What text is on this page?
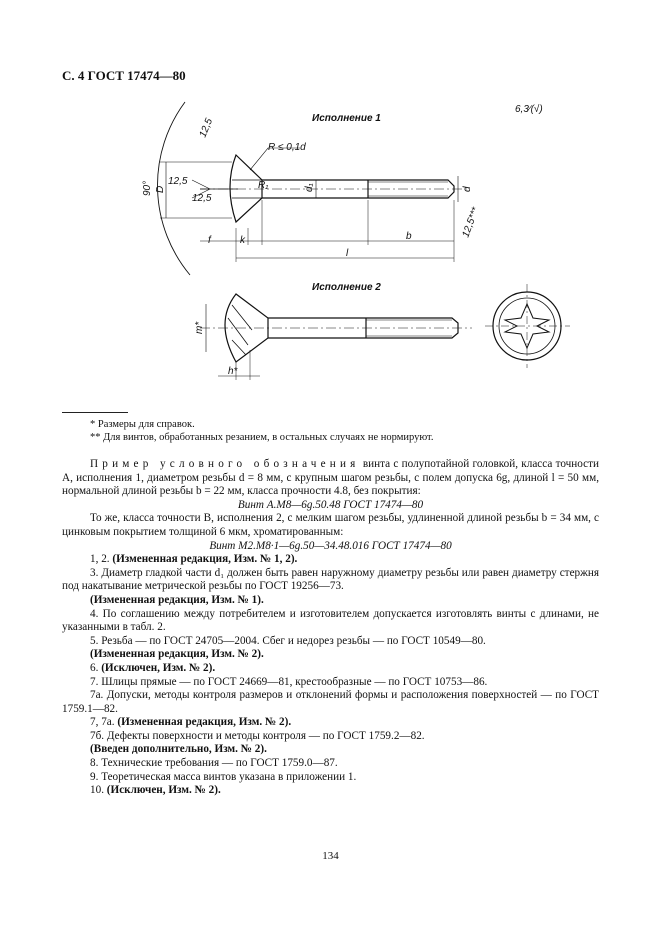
С. 4 ГОСТ 17474—80
Исполнение 1
Исполнение 2
6,3∕(√)
R ≤ 0,1d
90°
12,5
12,5
12,5
D	R₁	d₁	d
f	k
l
b
m*
h*
12,5***
* Размеры для справок.
** Для винтов, обработанных резанием, в остальных случаях не нормируют.

Пример условного обозначения винта с полупотайной головкой, класса точности А, исполнения 1, диаметром резьбы d = 8 мм, с крупным шагом резьбы, с полем допуска 6g, длиной l = 50 мм, нормальной длиной резьбы b = 22 мм, класса прочности 4.8, без покрытия:

Винт А.М8—6g.50.48 ГОСТ 17474—80

То же, класса точности В, исполнения 2, с мелким шагом резьбы, удлиненной длиной резьбы b = 34 мм, с цинковым покрытием толщиной 6 мкм, хроматированным:

Винт М2.М8·1—6g.50—34.48.016 ГОСТ 17474—80

1, 2. (Измененная редакция, Изм. № 1, 2).

3. Диаметр гладкой части d₁ должен быть равен наружному диаметру резьбы или равен диаметру стержня под накатывание метрической резьбы по ГОСТ 19256—73.

(Измененная редакция, Изм. № 1).

4. По соглашению между потребителем и изготовителем допускается изготовлять винты с длинами, не указанными в табл. 2.

5. Резьба — по ГОСТ 24705—2004. Сбег и недорез резьбы — по ГОСТ 10549—80.

(Измененная редакция, Изм. № 2).

6. (Исключен, Изм. № 2).

7. Шлицы прямые — по ГОСТ 24669—81, крестообразные — по ГОСТ 10753—86.

7а. Допуски, методы контроля размеров и отклонений формы и расположения поверхностей — по ГОСТ 1759.1—82.

7, 7а. (Измененная редакция, Изм. № 2).

7б. Дефекты поверхности и методы контроля — по ГОСТ 1759.2—82.

(Введен дополнительно, Изм. № 2).

8. Технические требования — по ГОСТ 1759.0—87.

9. Теоретическая масса винтов указана в приложении 1.

10. (Исключен, Изм. № 2).

134
